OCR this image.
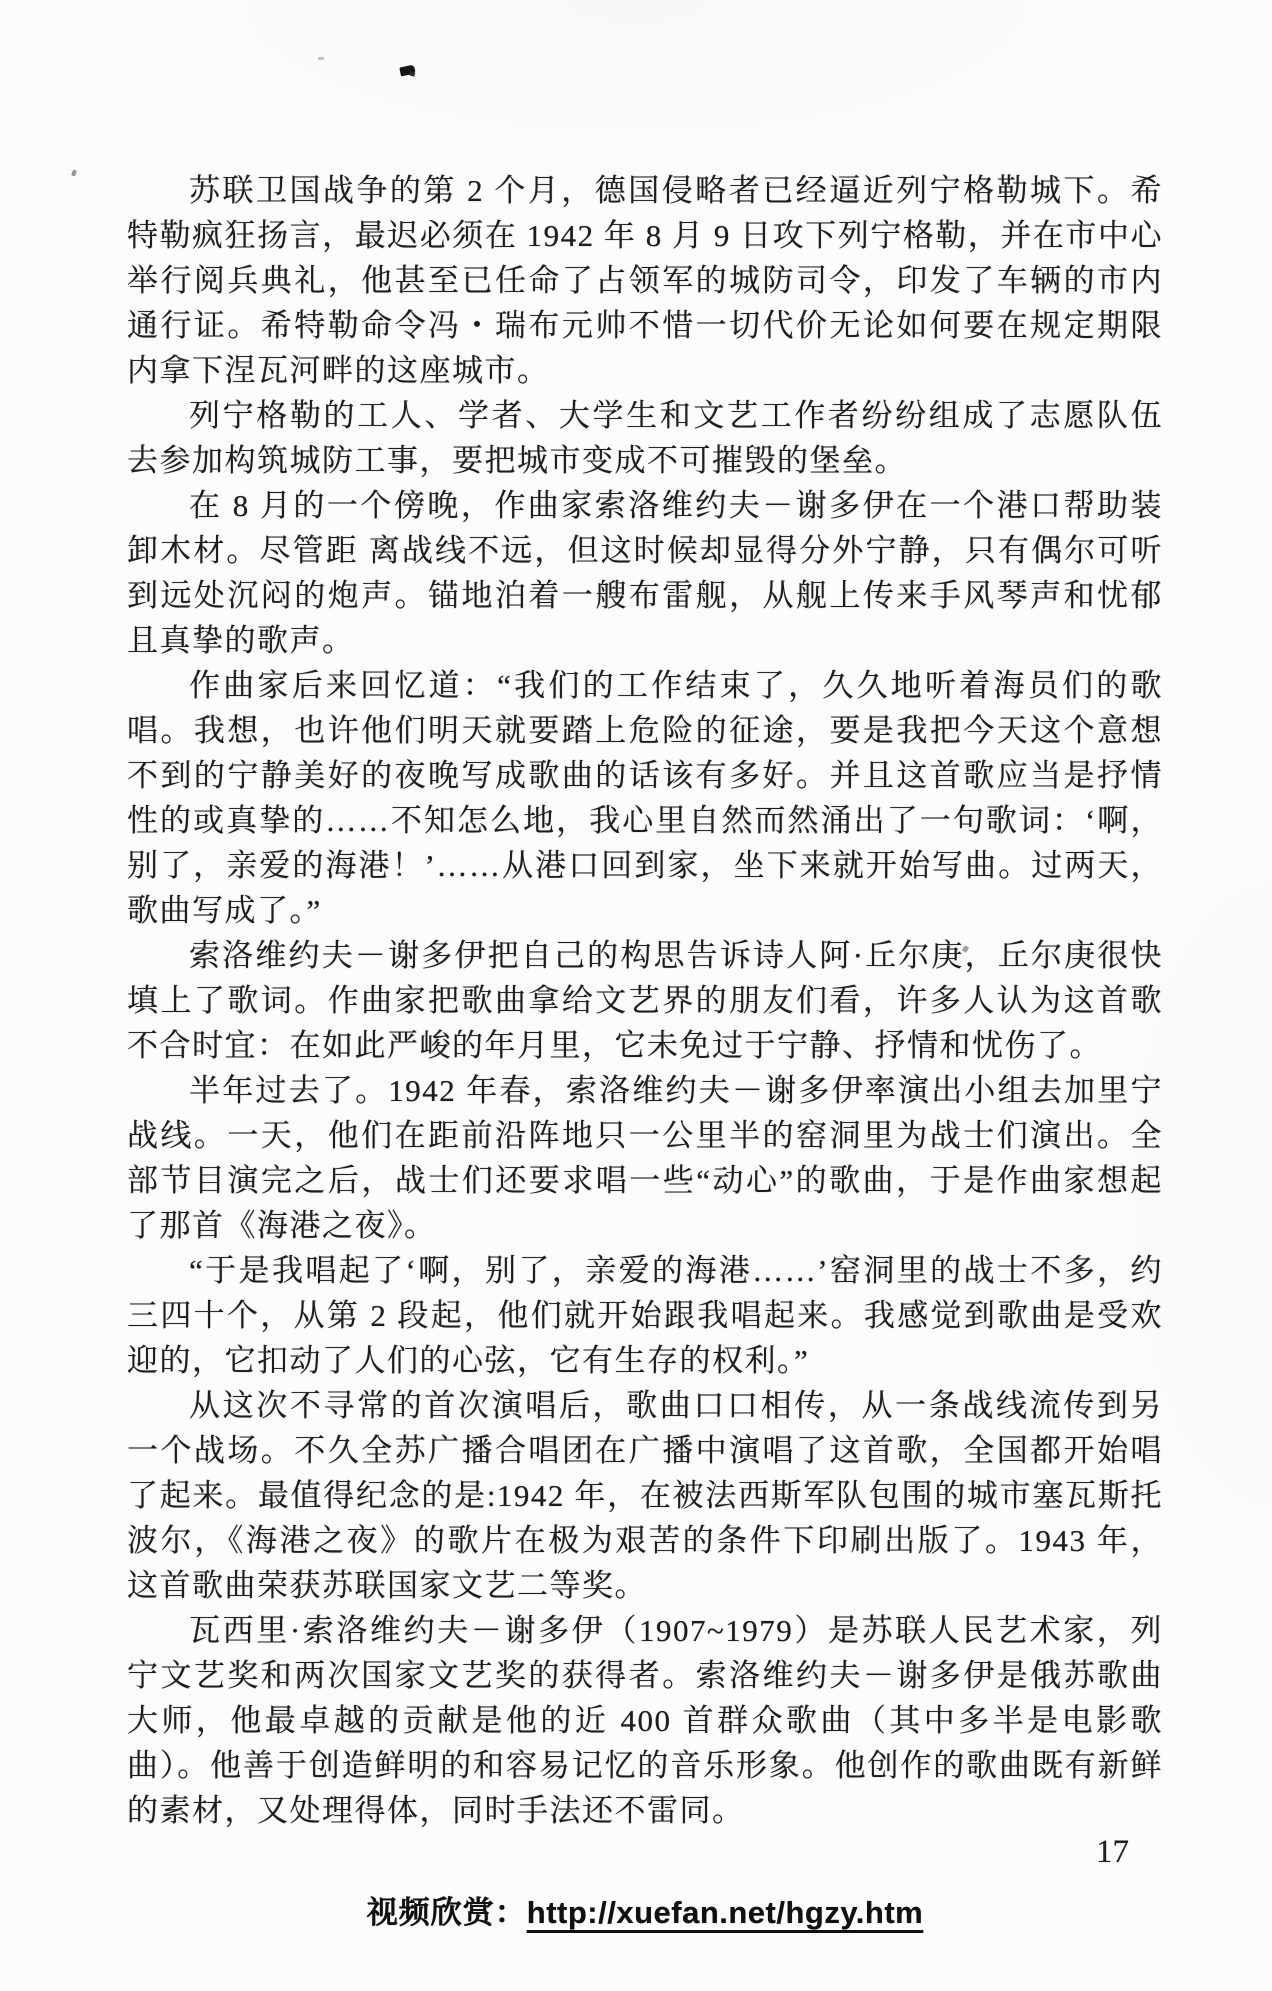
苏联卫国战争的第 2 个月，德国侵略者已经逼近列宁格勒城下。希特勒疯狂扬言，最迟必须在 1942 年 8 月 9 日攻下列宁格勒，并在市中心举行阅兵典礼，他甚至已任命了占领军的城防司令，印发了车辆的市内通行证。希特勒命令冯・瑞布元帅不惜一切代价无论如何要在规定期限内拿下涅瓦河畔的这座城市。

列宁格勒的工人、学者、大学生和文艺工作者纷纷组成了志愿队伍去参加构筑城防工事，要把城市变成不可摧毁的堡垒。

在 8 月的一个傍晚，作曲家索洛维约夫－谢多伊在一个港口帮助装卸木材。尽管距 离战线不远，但这时候却显得分外宁静，只有偶尔可听到远处沉闷的炮声。锚地泊着一艘布雷舰，从舰上传来手风琴声和忧郁且真挚的歌声。

作曲家后来回忆道：“我们的工作结束了，久久地听着海员们的歌唱。我想，也许他们明天就要踏上危险的征途，要是我把今天这个意想不到的宁静美好的夜晚写成歌曲的话该有多好。并且这首歌应当是抒情性的或真挚的……不知怎么地，我心里自然而然涌出了一句歌词：‘啊，别了，亲爱的海港！’……从港口回到家，坐下来就开始写曲。过两天，歌曲写成了。”

索洛维约夫－谢多伊把自己的构思告诉诗人阿·丘尔庚，丘尔庚很快填上了歌词。作曲家把歌曲拿给文艺界的朋友们看，许多人认为这首歌不合时宜：在如此严峻的年月里，它未免过于宁静、抒情和忧伤了。

半年过去了。1942 年春，索洛维约夫－谢多伊率演出小组去加里宁战线。一天，他们在距前沿阵地只一公里半的窑洞里为战士们演出。全部节目演完之后，战士们还要求唱一些“动心”的歌曲，于是作曲家想起了那首《海港之夜》。

“于是我唱起了‘啊，别了，亲爱的海港……’窑洞里的战士不多，约三四十个，从第 2 段起，他们就开始跟我唱起来。我感觉到歌曲是受欢迎的，它扣动了人们的心弦，它有生存的权利。”

从这次不寻常的首次演唱后，歌曲口口相传，从一条战线流传到另一个战场。不久全苏广播合唱团在广播中演唱了这首歌，全国都开始唱了起来。最值得纪念的是:1942 年，在被法西斯军队包围的城市塞瓦斯托波尔，《海港之夜》的歌片在极为艰苦的条件下印刷出版了。1943 年，这首歌曲荣获苏联国家文艺二等奖。

瓦西里·索洛维约夫－谢多伊（1907~1979）是苏联人民艺术家，列宁文艺奖和两次国家文艺奖的获得者。索洛维约夫－谢多伊是俄苏歌曲大师，他最卓越的贡献是他的近 400 首群众歌曲（其中多半是电影歌曲）。他善于创造鲜明的和容易记忆的音乐形象。他创作的歌曲既有新鲜的素材，又处理得体，同时手法还不雷同。

视频欣赏：http://xuefan.net/hgzy.htm
17
